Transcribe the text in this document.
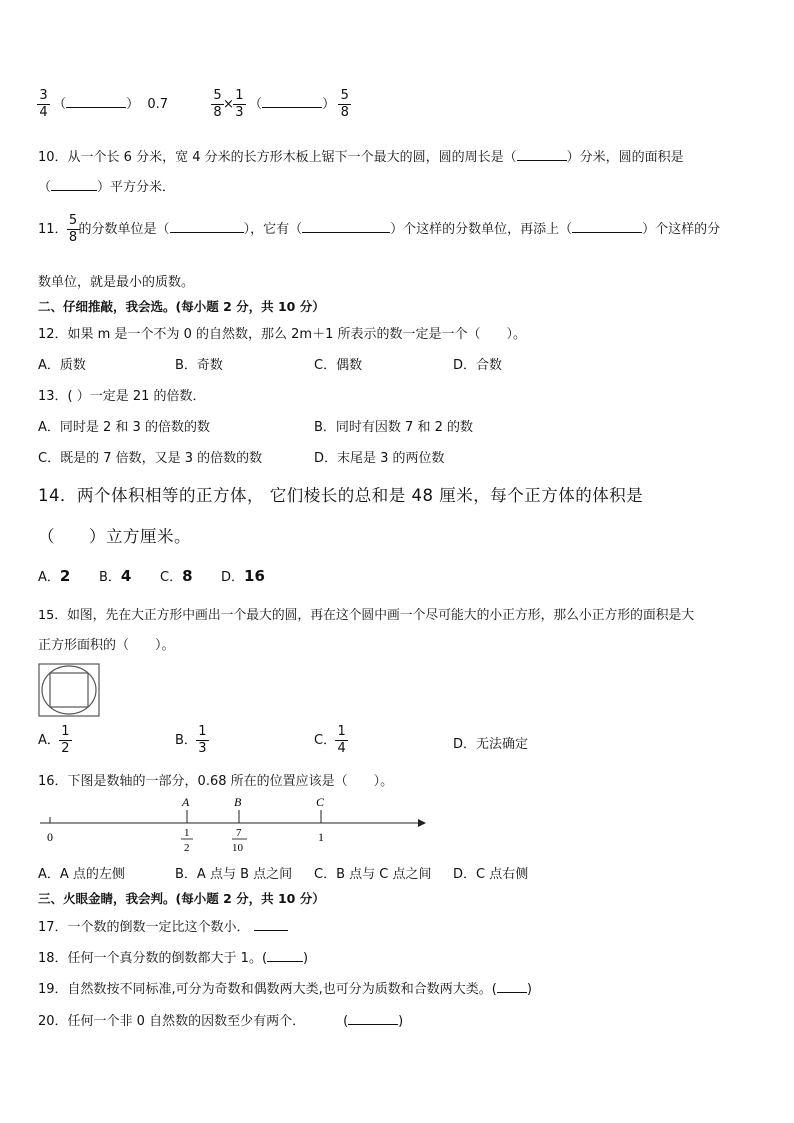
$\frac{3}{4}$ （	） 0.7	$\frac{5}{8} \times \frac{1}{3}$ （	） $\frac{5}{8}$
10．从一个长 6 分米，宽 4 分米的长方形木板上锯下一个最大的圆，圆的周长是（	）分米，圆的面积是
（	）平方分米．
11． $\frac{5}{8}$ 的分数单位是（	），它有（	）个这样的分数单位，再添上（	）个这样的分
数单位，就是最小的质数。
二、仔细推敲，我会选。(每小题 2 分，共 10 分）
12．如果 m 是一个不为 0 的自然数，那么 2m＋1 所表示的数一定是一个（　　）。
A．质数	B．奇数	C．偶数	D．合数
13．( ）一定是 21 的倍数．
A．同时是 2 和 3 的倍数的数	B．同时有因数 7 和 2 的数
C．既是的 7 倍数，又是 3 的倍数的数	D．末尾是 3 的两位数
14．两个体积相等的正方体， 它们棱长的总和是 48 厘米，每个正方体的体积是
（　　）立方厘米。
A．2 B．4 C．8 D．16
15．如图，先在大正方形中画出一个最大的圆，再在这个圆中画一个尽可能大的小正方形，那么小正方形的面积是大
正方形面积的（　　）。
A． $\frac{1}{2}$	B． $\frac{1}{3}$	C． $\frac{1}{4}$	D．无法确定
16．下图是数轴的一部分，0.68 所在的位置应该是（　　）。
0
A	B	C
1
2
7
10
1
A．A 点的左侧	B．A 点与 B 点之间 C．B 点与 C 点之间 D．C 点右侧
三、火眼金睛，我会判。(每小题 2 分，共 10 分）
17．一个数的倒数一定比这个数小．
18．任何一个真分数的倒数都大于 1。(	)
19．自然数按不同标准,可分为奇数和偶数两大类,也可分为质数和合数两大类。( )
20．任何一个非 0 自然数的因数至少有两个．	(	)
